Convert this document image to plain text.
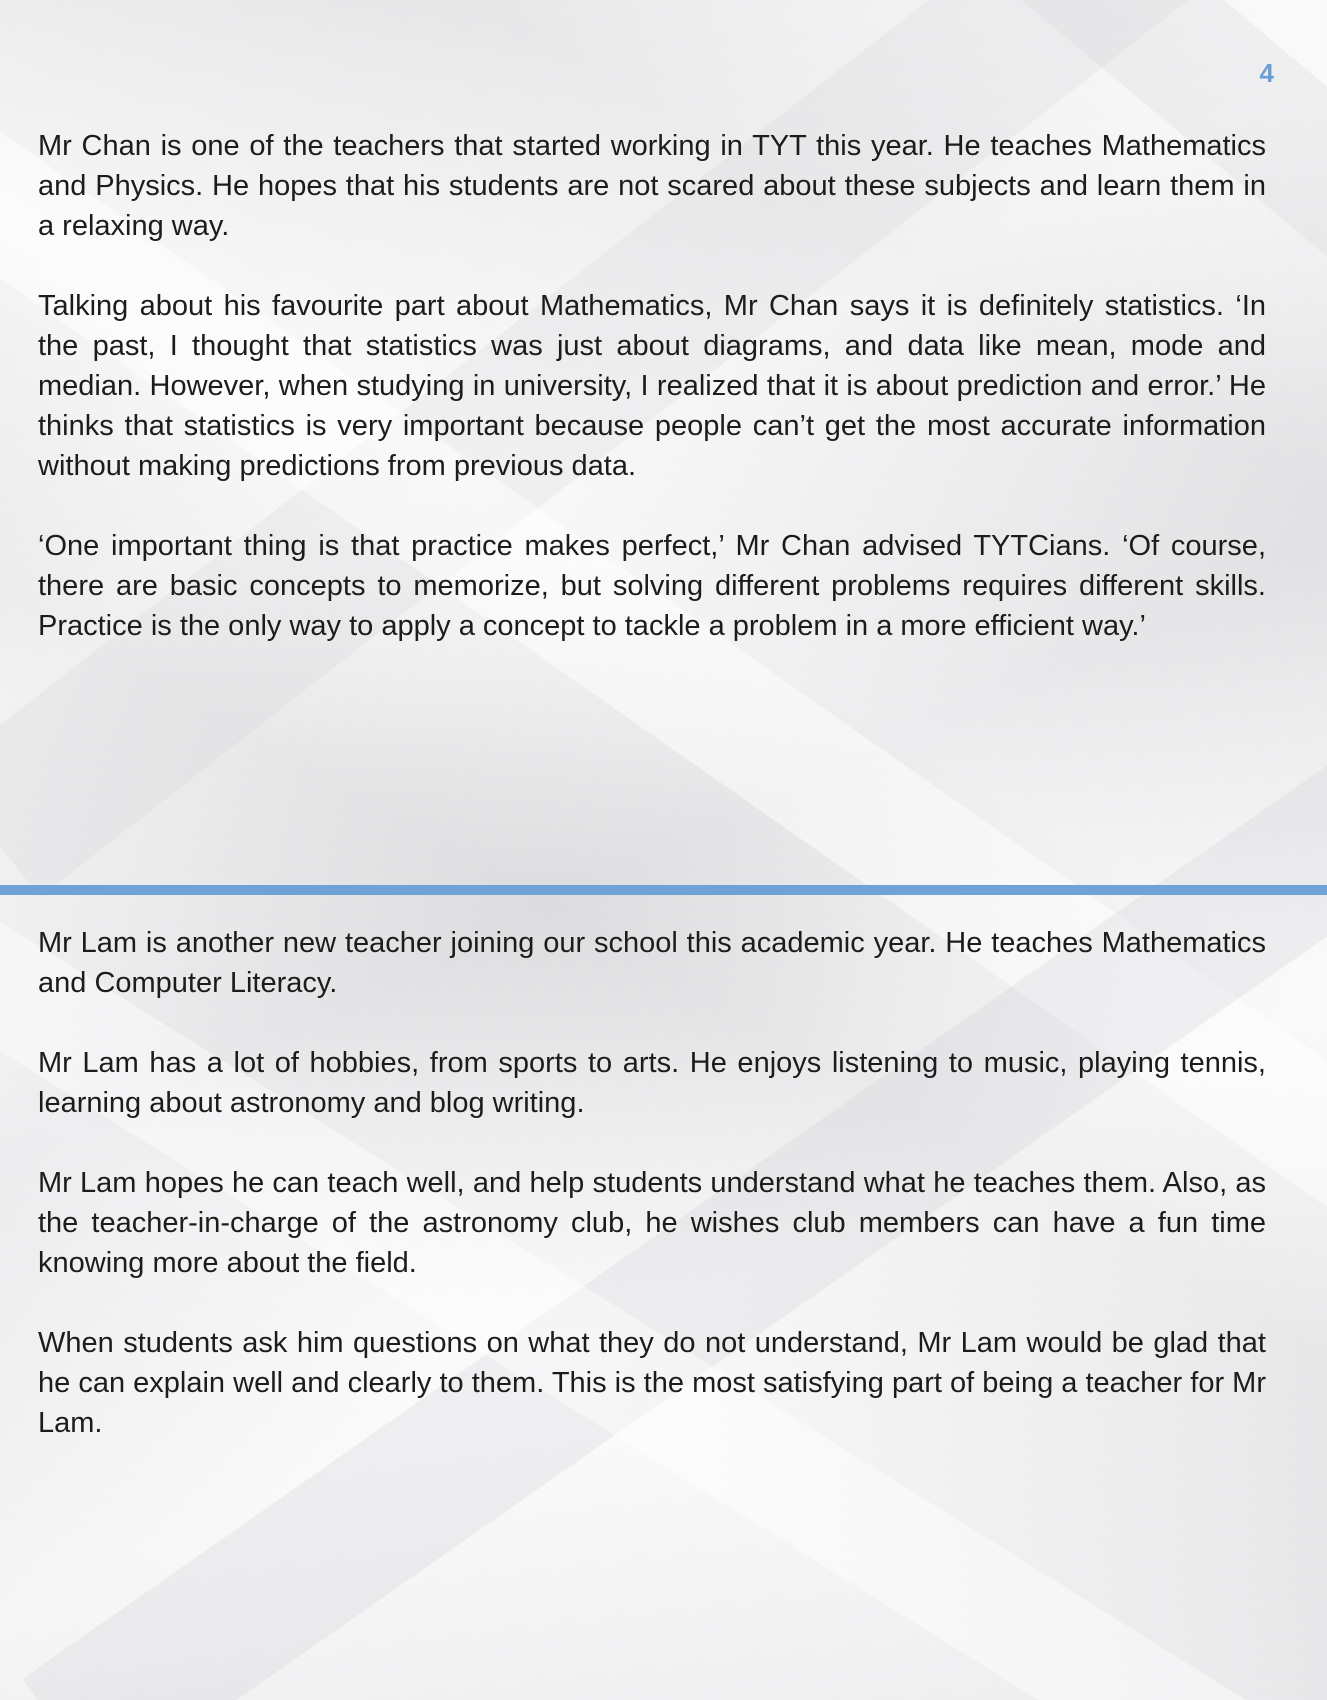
4

Mr Chan is one of the teachers that started working in TYT this year. He teaches Mathematics and Physics. He hopes that his students are not scared about these subjects and learn them in a relaxing way.

Talking about his favourite part about Mathematics, Mr Chan says it is definitely statistics. ‘In the past, I thought that statistics was just about diagrams, and data like mean, mode and median. However, when studying in university, I realized that it is about prediction and error.’ He thinks that statistics is very important because people can’t get the most accurate information without making predictions from previous data.

‘One important thing is that practice makes perfect,’ Mr Chan advised TYTCians. ‘Of course, there are basic concepts to memorize, but solving different problems requires different skills. Practice is the only way to apply a concept to tackle a problem in a more efficient way.’

Mr Lam is another new teacher joining our school this academic year. He teaches Mathematics and Computer Literacy.

Mr Lam has a lot of hobbies, from sports to arts. He enjoys listening to music, playing tennis, learning about astronomy and blog writing.

Mr Lam hopes he can teach well, and help students understand what he teaches them. Also, as the teacher-in-charge of the astronomy club, he wishes club members can have a fun time knowing more about the field.

When students ask him questions on what they do not understand, Mr Lam would be glad that he can explain well and clearly to them. This is the most satisfying part of being a teacher for Mr Lam.
